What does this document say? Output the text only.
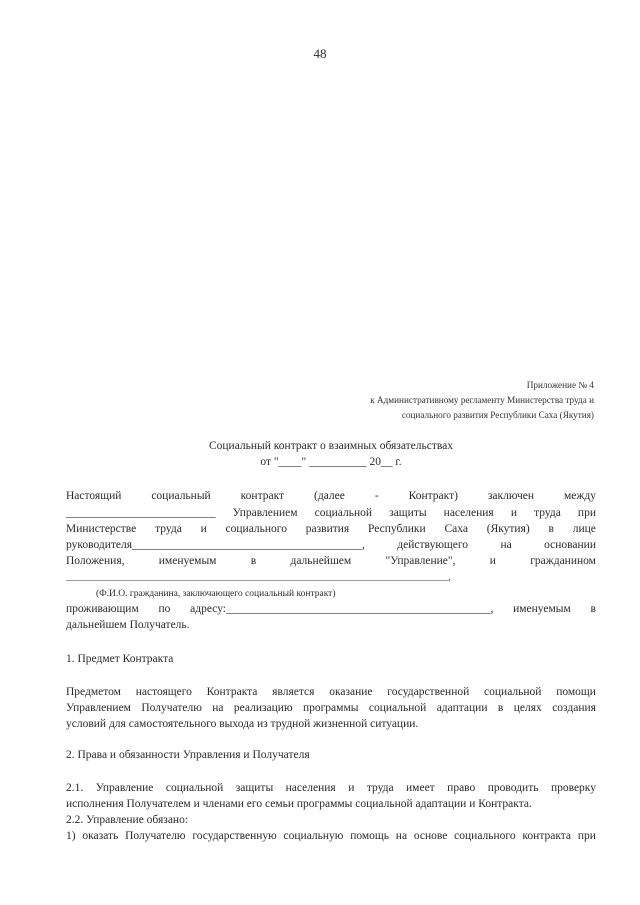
48
Приложение № 4
к Административному регламенту Министерства труда и
социального развития Республики Саха (Якутия)
Социальный контракт о взаимных обязательствах
от "____" __________ 20__ г.
Настоящий	социальный	контракт	(далее	-	Контракт)	заключен	между
__________________________ Управлением социальной защиты населения и труда при
Министерстве труда и социального развития Республики Саха (Якутия) в лице
руководителя________________________________________,	действующего	на	основании
Положения,	именуемым	в	дальнейшем	"Управление",	и	гражданином
_____________________________________________________________________________________,
(Ф.И.О. гражданина, заключающего социальный контракт)
проживающим по адресу:______________________________________________, именуемым в
дальнейшем Получатель.
1. Предмет Контракта
Предметом настоящего Контракта является оказание государственной социальной помощи
Управлением Получателю на реализацию программы социальной адаптации в целях создания
условий для самостоятельного выхода из трудной жизненной ситуации.
2. Права и обязанности Управления и Получателя
2.1. Управление социальной защиты населения и труда имеет право проводить проверку
исполнения Получателем и членами его семьи программы социальной адаптации и Контракта.
2.2. Управление обязано:
1) оказать Получателю государственную социальную помощь на основе социального контракта при
